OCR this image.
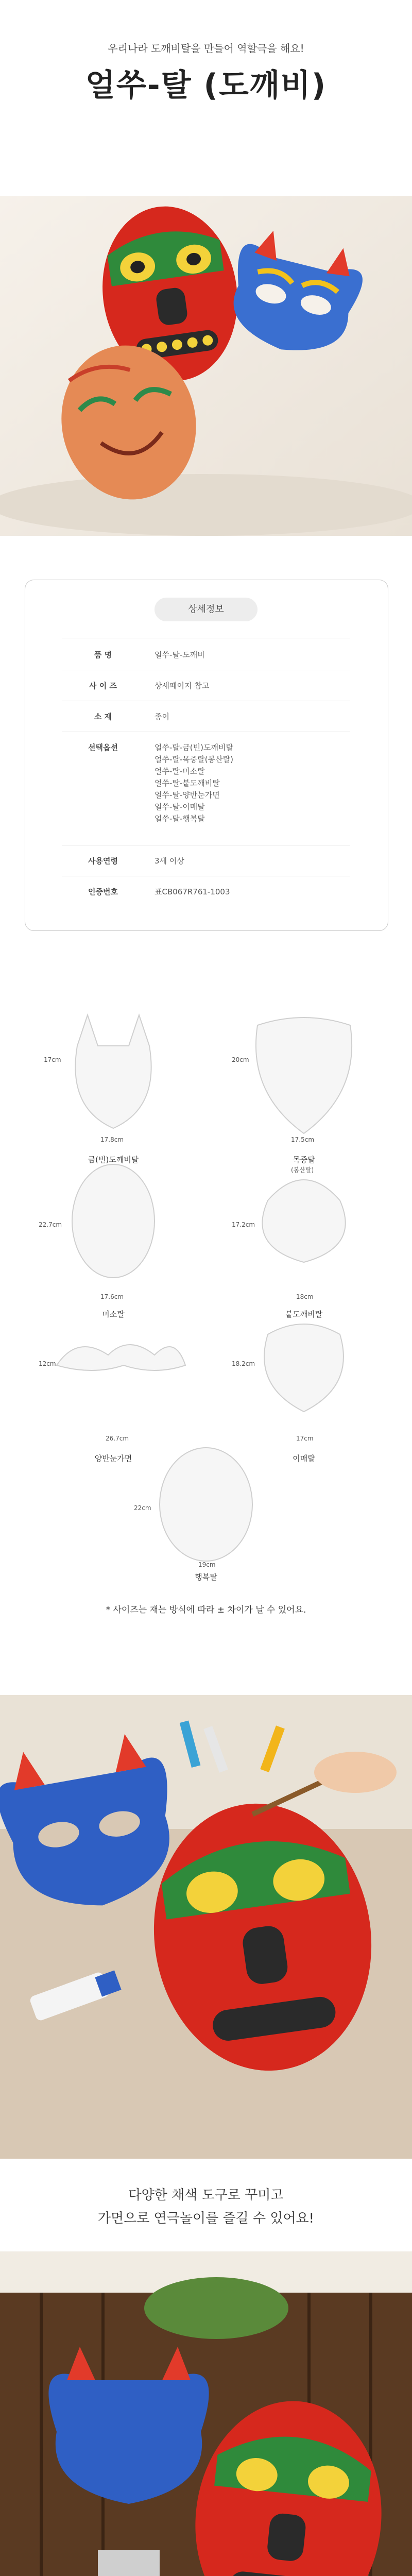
우리나라 도깨비탈을 만들어 역할극을 해요!
얼쑤-탈 (도깨비)
상세정보
품 명	얼쑤-탈-도깨비
사 이 즈	상세페이지 참고
소 재	종이
선택옵션	얼쑤-탈-금(빈)도깨비탈
얼쑤-탈-목중탈(봉산탈)
얼쑤-탈-미소탈
얼쑤-탈-붙도깨비탈
얼쑤-탈-양반눈가면
얼쑤-탈-이매탈
얼쑤-탈-행복탈
사용연령	3세 이상
인증번호	표CB067R761-1003
금(빈)도깨비탈
17cm
17.8cm
목중탈
(봉산탈)
20cm
17.5cm
미소탈
22.7cm
17.6cm
붙도깨비탈
17.2cm
18cm
양반눈가면
12cm
26.7cm
이매탈
18.2cm
17cm
행복탈
22cm
19cm
* 사이즈는 재는 방식에 따라 ± 차이가 날 수 있어요.
다양한 채색 도구로 꾸미고
가면으로 연극놀이를 즐길 수 있어요!
